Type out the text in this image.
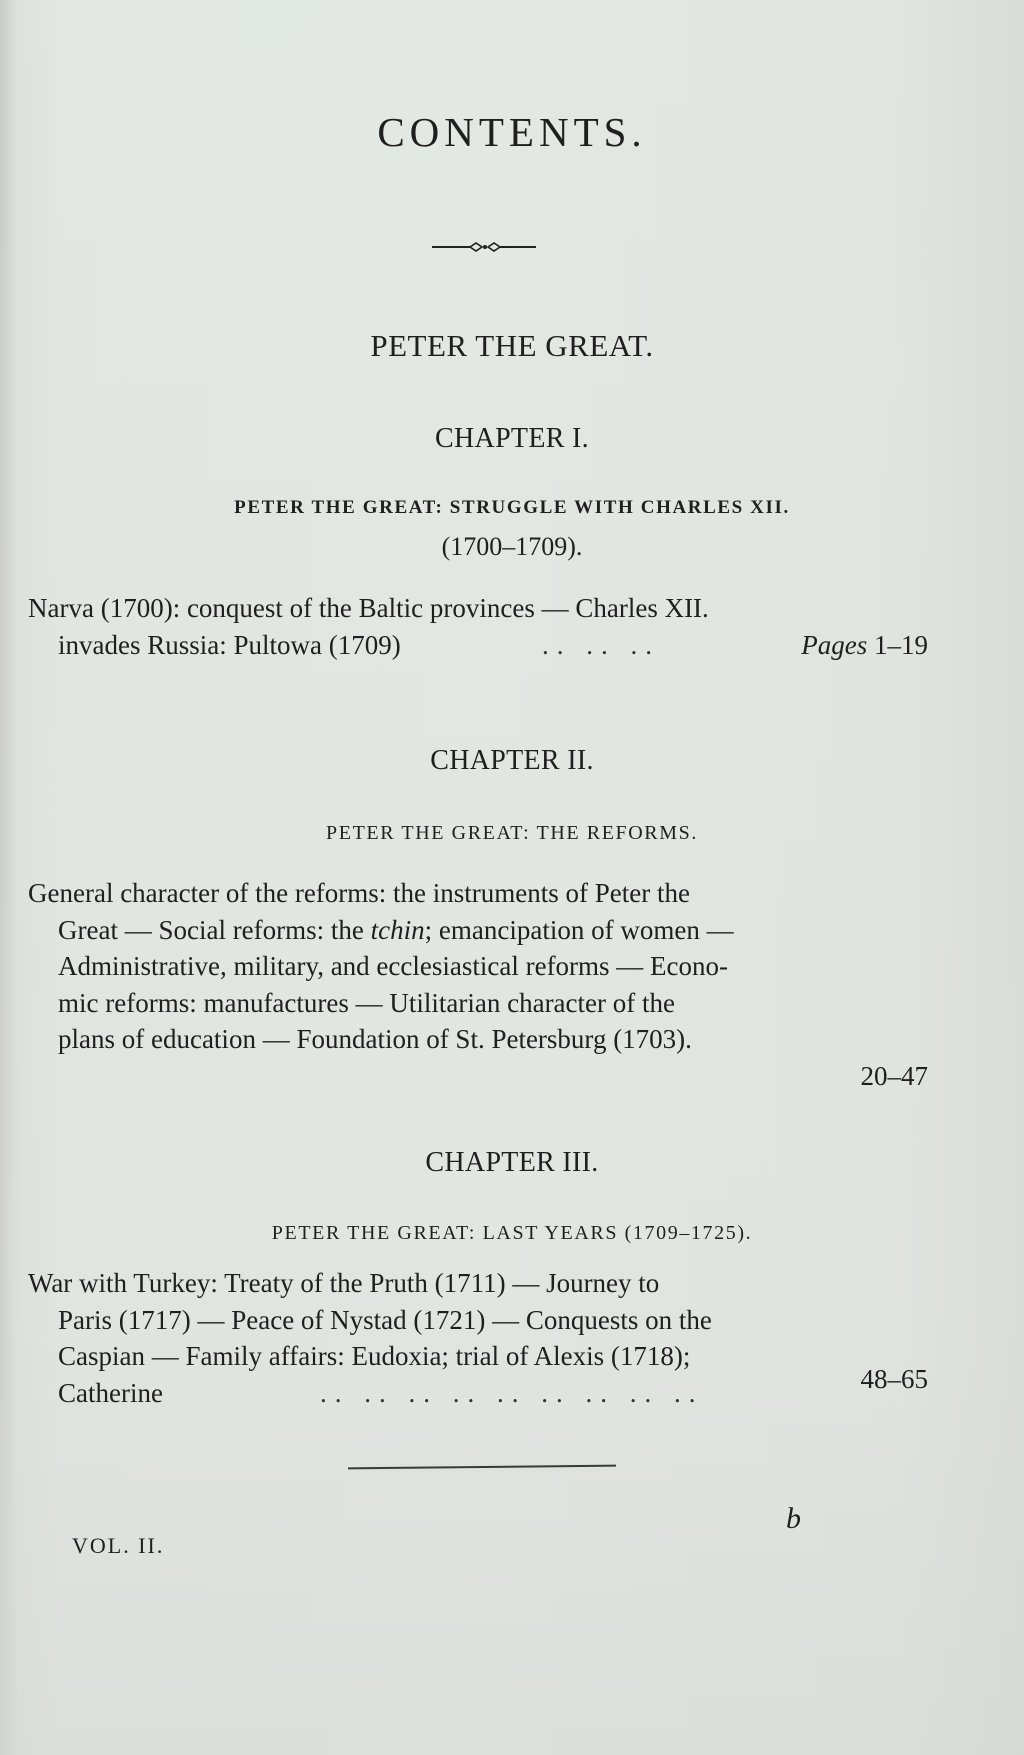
CONTENTS.
PETER THE GREAT.
CHAPTER I.
PETER THE GREAT: STRUGGLE WITH CHARLES XII.
(1700–1709).
Narva (1700): conquest of the Baltic provinces — Charles XII.
invades Russia: Pultowa (1709)	.. .. ..	Pages 1–19
CHAPTER II.
PETER THE GREAT: THE REFORMS.
General character of the reforms: the instruments of Peter the
Great — Social reforms: the tchin; emancipation of women —
Administrative, military, and ecclesiastical reforms — Econo-
mic reforms: manufactures — Utilitarian character of the
plans of education — Foundation of St. Petersburg (1703).
20–47
CHAPTER III.
PETER THE GREAT: LAST YEARS (1709–1725).
War with Turkey: Treaty of the Pruth (1711) — Journey to
Paris (1717) — Peace of Nystad (1721) — Conquests on the
Caspian — Family affairs: Eudoxia; trial of Alexis (1718);
Catherine	.. .. .. .. .. .. .. .. ..	48–65
VOL. II.
b
